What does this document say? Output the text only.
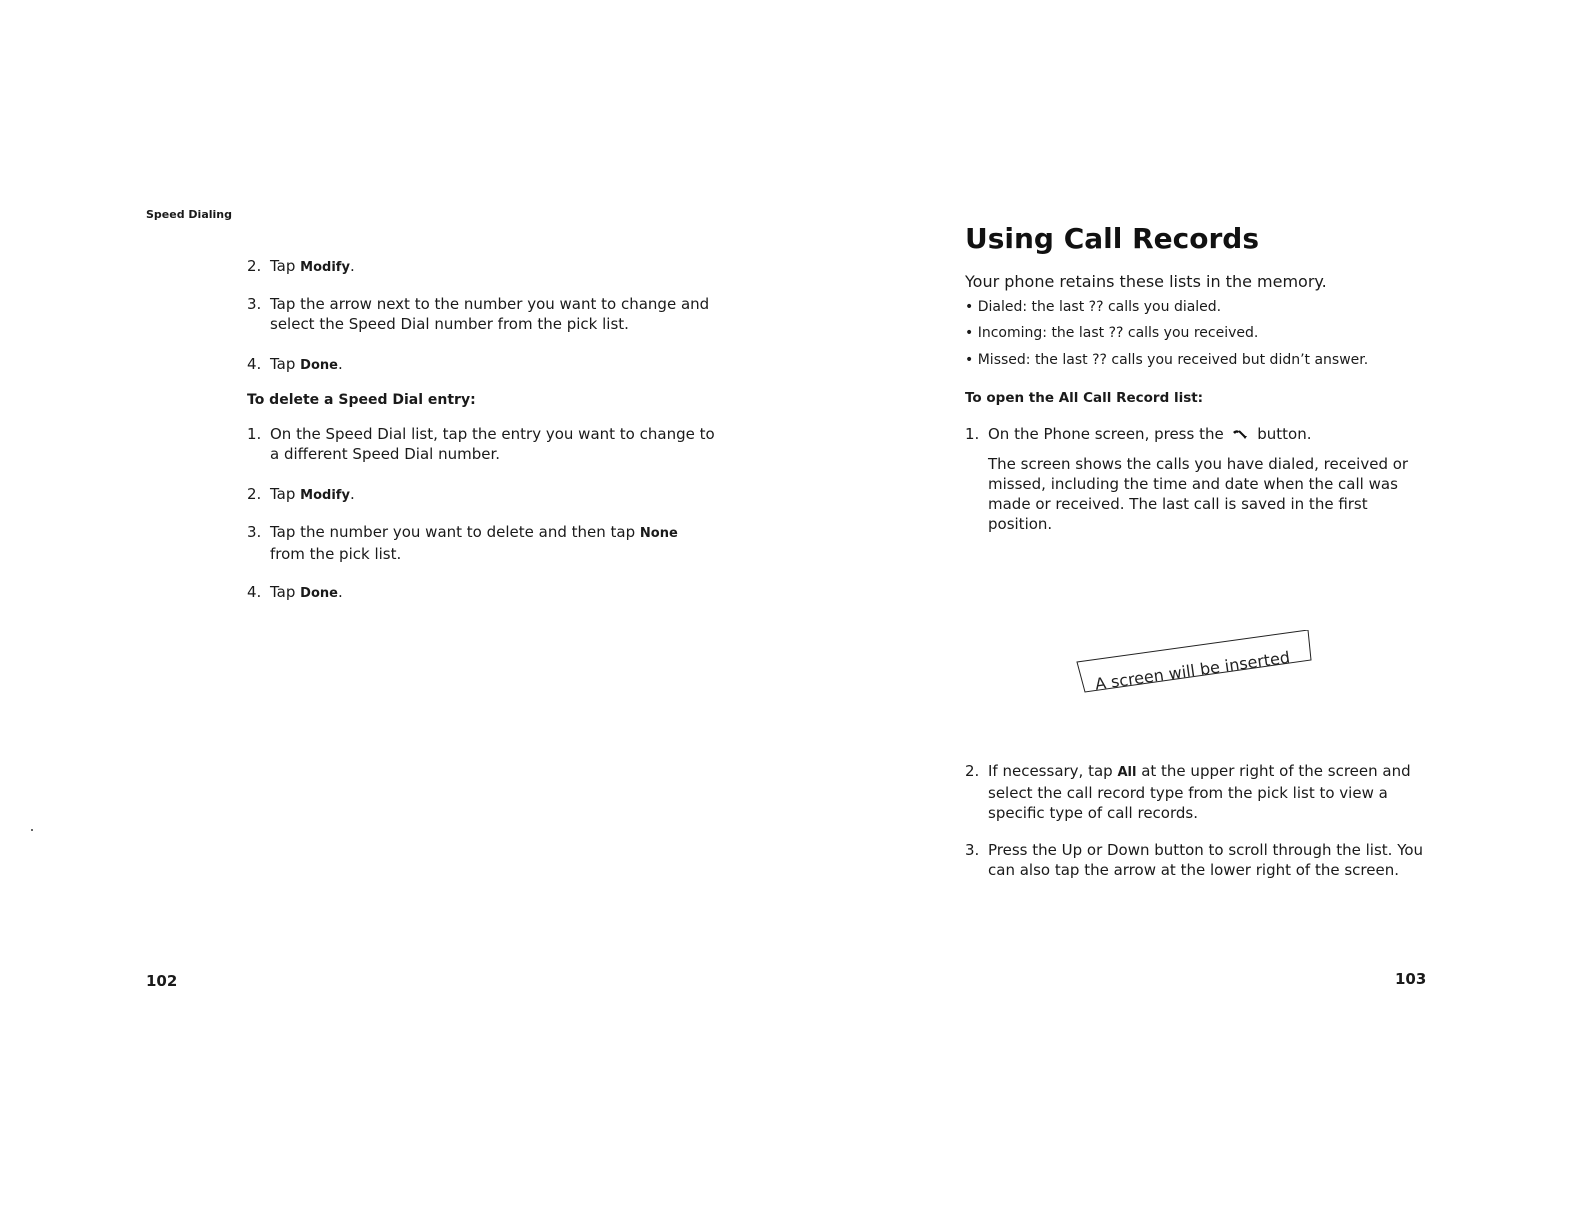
Speed Dialing
2. Tap Modify.
3. Tap the arrow next to the number you want to change and select the Speed Dial number from the pick list.
4. Tap Done.
To delete a Speed Dial entry:
1. On the Speed Dial list, tap the entry you want to change to a different Speed Dial number.
2. Tap Modify.
3. Tap the number you want to delete and then tap None from the pick list.
4. Tap Done.
102
Using Call Records
Your phone retains these lists in the memory.
• Dialed: the last ?? calls you dialed.
• Incoming: the last ?? calls you received.
• Missed: the last ?? calls you received but didn’t answer.
To open the All Call Record list:
1. On the Phone screen, press the  button.
The screen shows the calls you have dialed, received or missed, including the time and date when the call was made or received. The last call is saved in the first position.
A screen will be inserted
2. If necessary, tap All at the upper right of the screen and select the call record type from the pick list to view a specific type of call records.
3. Press the Up or Down button to scroll through the list. You can also tap the arrow at the lower right of the screen.
103
